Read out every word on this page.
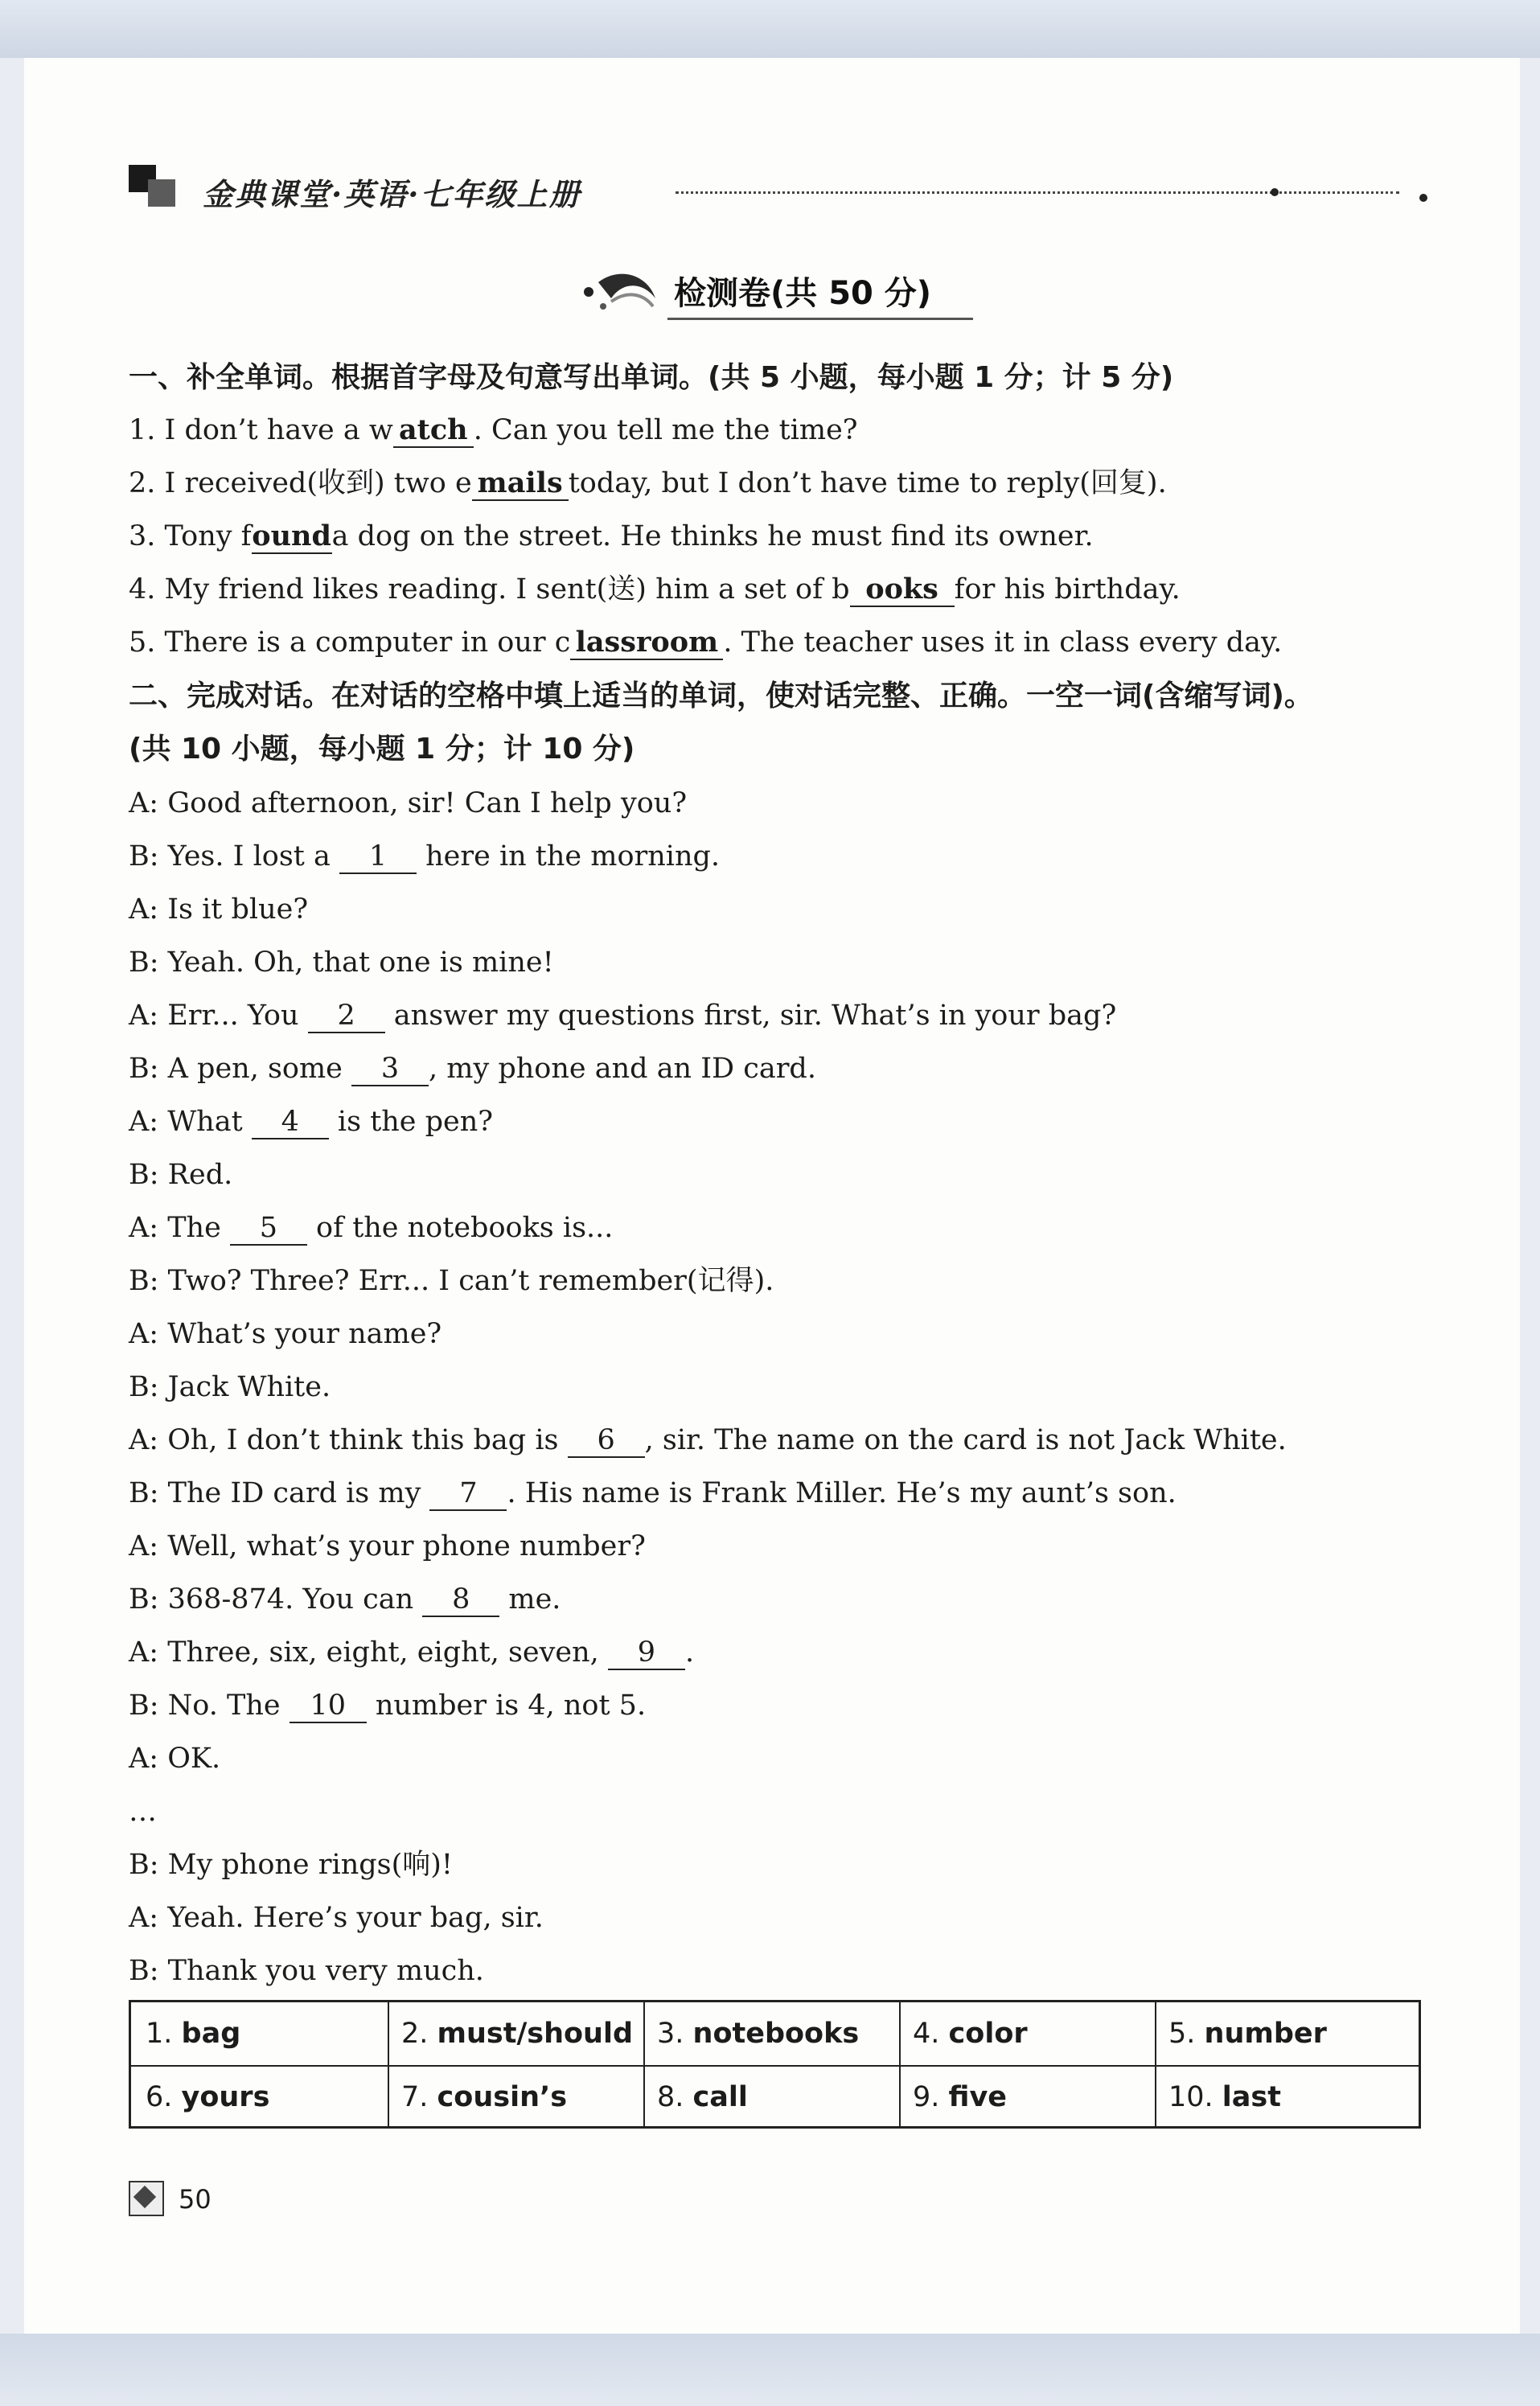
金典课堂·英语·七年级上册
检测卷(共 50 分)
一、补全单词。根据首字母及句意写出单词。(共 5 小题，每小题 1 分；计 5 分)
1. I don’t have a w atch . Can you tell me the time?
2. I received(收到) two e mails today, but I don’t have time to reply(回复).
3. Tony founda dog on the street. He thinks he must find its owner.
4. My friend likes reading. I sent(送) him a set of b ooks for his birthday.
5. There is a computer in our c lassroom . The teacher uses it in class every day.
二、完成对话。在对话的空格中填上适当的单词，使对话完整、正确。一空一词(含缩写词)。
(共 10 小题，每小题 1 分；计 10 分)
A: Good afternoon, sir! Can I help you?
B: Yes. I lost a 1 here in the morning.
A: Is it blue?
B: Yeah. Oh, that one is mine!
A: Err... You 2 answer my questions first, sir. What’s in your bag?
B: A pen, some 3 , my phone and an ID card.
A: What 4 is the pen?
B: Red.
A: The 5 of the notebooks is...
B: Two? Three? Err... I can’t remember(记得).
A: What’s your name?
B: Jack White.
A: Oh, I don’t think this bag is 6 , sir. The name on the card is not Jack White.
B: The ID card is my 7 . His name is Frank Miller. He’s my aunt’s son.
A: Well, what’s your phone number?
B: 368-874. You can 8 me.
A: Three, six, eight, eight, seven, 9 .
B: No. The 10 number is 4, not 5.
A: OK.
…
B: My phone rings(响)!
A: Yeah. Here’s your bag, sir.
B: Thank you very much.
1. bag	2. must/should 3. notebooks	4. color	5. number
6. yours	7. cousin’s	8. call	9. five	10. last
50
